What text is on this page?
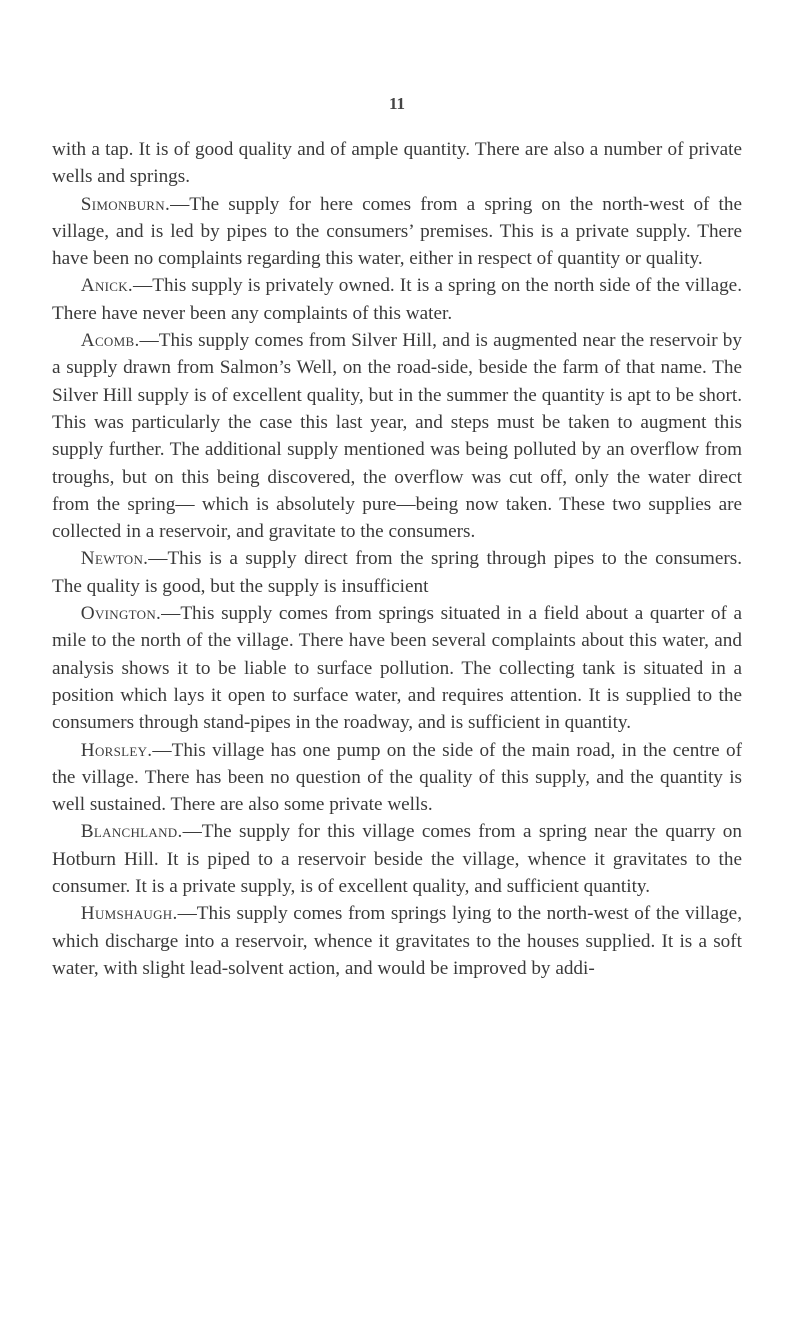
11

with a tap. It is of good quality and of ample quantity. There are also a number of private wells and springs.

Simonburn.—The supply for here comes from a spring on the north-west of the village, and is led by pipes to the consumers’ premises. This is a private supply. There have been no complaints regarding this water, either in respect of quantity or quality.

Anick.—This supply is privately owned. It is a spring on the north side of the village. There have never been any complaints of this water.

Acomb.—This supply comes from Silver Hill, and is augmented near the reservoir by a supply drawn from Salmon’s Well, on the road-side, beside the farm of that name. The Silver Hill supply is of excellent quality, but in the summer the quantity is apt to be short. This was particularly the case this last year, and steps must be taken to augment this supply further. The additional supply mentioned was being polluted by an overflow from troughs, but on this being discovered, the overflow was cut off, only the water direct from the spring— which is absolutely pure—being now taken. These two supplies are collected in a reservoir, and gravitate to the consumers.

Newton.—This is a supply direct from the spring through pipes to the consumers. The quality is good, but the supply is insufficient

Ovington.—This supply comes from springs situated in a field about a quarter of a mile to the north of the village. There have been several complaints about this water, and analysis shows it to be liable to surface pollution. The collecting tank is situated in a position which lays it open to surface water, and requires attention. It is supplied to the consumers through stand-pipes in the roadway, and is sufficient in quantity.

Horsley.—This village has one pump on the side of the main road, in the centre of the village. There has been no question of the quality of this supply, and the quantity is well sustained. There are also some private wells.

Blanchland.—The supply for this village comes from a spring near the quarry on Hotburn Hill. It is piped to a reservoir beside the village, whence it gravitates to the consumer. It is a private supply, is of excellent quality, and sufficient quantity.

Humshaugh.—This supply comes from springs lying to the north-west of the village, which discharge into a reservoir, whence it gravitates to the houses supplied. It is a soft water, with slight lead-solvent action, and would be improved by addi-
